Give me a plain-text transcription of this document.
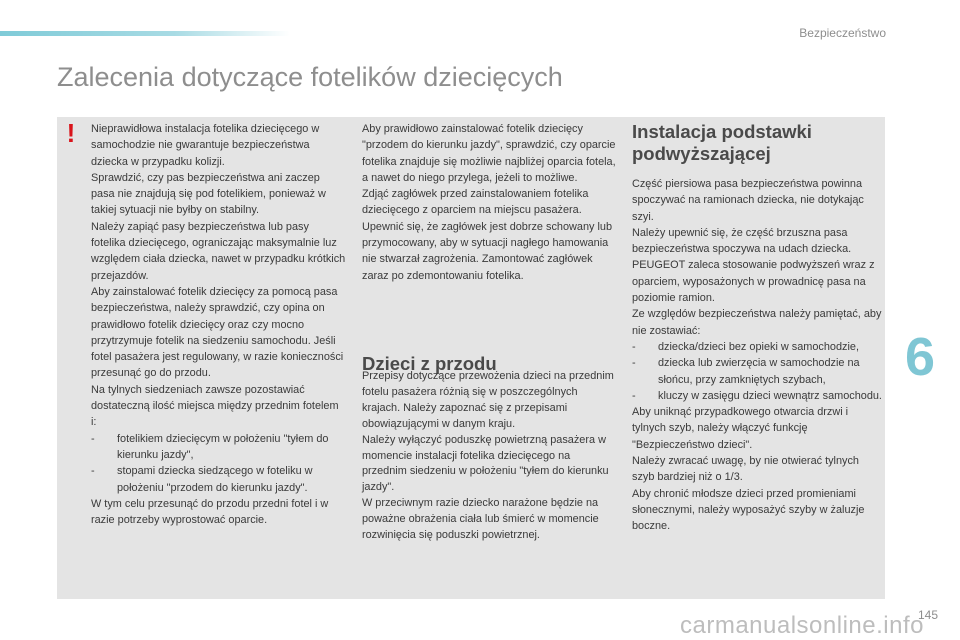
Bezpieczeństwo
Zalecenia dotyczące fotelików dziecięcych
! Nieprawidłowa instalacja fotelika dziecięcego w samochodzie nie gwarantuje bezpieczeństwa dziecka w przypadku kolizji.

Sprawdzić, czy pas bezpieczeństwa ani zaczep pasa nie znajdują się pod fotelikiem, ponieważ w takiej sytuacji nie byłby on stabilny.

Należy zapiąć pasy bezpieczeństwa lub pasy fotelika dziecięcego, ograniczając maksymalnie luz względem ciała dziecka, nawet w przypadku krótkich przejazdów.

Aby zainstalować fotelik dziecięcy za pomocą pasa bezpieczeństwa, należy sprawdzić, czy opina on prawidłowo fotelik dziecięcy oraz czy mocno przytrzymuje fotelik na siedzeniu samochodu. Jeśli fotel pasażera jest regulowany, w razie konieczności przesunąć go do przodu.

Na tylnych siedzeniach zawsze pozostawiać dostateczną ilość miejsca między przednim fotelem i:

-	fotelikiem dziecięcym w położeniu "tyłem do kierunku jazdy",
-	stopami dziecka siedzącego w foteliku w położeniu "przodem do kierunku jazdy".

W tym celu przesunąć do przodu przedni fotel i w razie potrzeby wyprostować oparcie.

Aby prawidłowo zainstalować fotelik dziecięcy "przodem do kierunku jazdy", sprawdzić, czy oparcie fotelika znajduje się możliwie najbliżej oparcia fotela, a nawet do niego przylega, jeżeli to możliwe.

Zdjąć zagłówek przed zainstalowaniem fotelika dziecięcego z oparciem na miejscu pasażera.

Upewnić się, że zagłówek jest dobrze schowany lub przymocowany, aby w sytuacji nagłego hamowania nie stwarzał zagrożenia. Zamontować zagłówek zaraz po zdemontowaniu fotelika.

Dzieci z przodu

Przepisy dotyczące przewożenia dzieci na przednim fotelu pasażera różnią się w poszczególnych krajach. Należy zapoznać się z przepisami obowiązującymi w danym kraju.

Należy wyłączyć poduszkę powietrzną pasażera w momencie instalacji fotelika dziecięcego na przednim siedzeniu w położeniu "tyłem do kierunku jazdy".

W przeciwnym razie dziecko narażone będzie na poważne obrażenia ciała lub śmierć w momencie rozwinięcia się poduszki powietrznej.

Instalacja podstawki podwyższającej

Część piersiowa pasa bezpieczeństwa powinna spoczywać na ramionach dziecka, nie dotykając szyi.

Należy upewnić się, że część brzuszna pasa bezpieczeństwa spoczywa na udach dziecka.

PEUGEOT zaleca stosowanie podwyższeń wraz z oparciem, wyposażonych w prowadnicę pasa na poziomie ramion.

Ze względów bezpieczeństwa należy pamiętać, aby nie zostawiać:

-	dziecka/dzieci bez opieki w samochodzie,
-	dziecka lub zwierzęcia w samochodzie na słońcu, przy zamkniętych szybach,
-	kluczy w zasięgu dzieci wewnątrz samochodu.

Aby uniknąć przypadkowego otwarcia drzwi i tylnych szyb, należy włączyć funkcję "Bezpieczeństwo dzieci".

Należy zwracać uwagę, by nie otwierać tylnych szyb bardziej niż o 1/3.

Aby chronić młodsze dzieci przed promieniami słonecznymi, należy wyposażyć szyby w żaluzje boczne.

6
carmanualsonline.info
145
